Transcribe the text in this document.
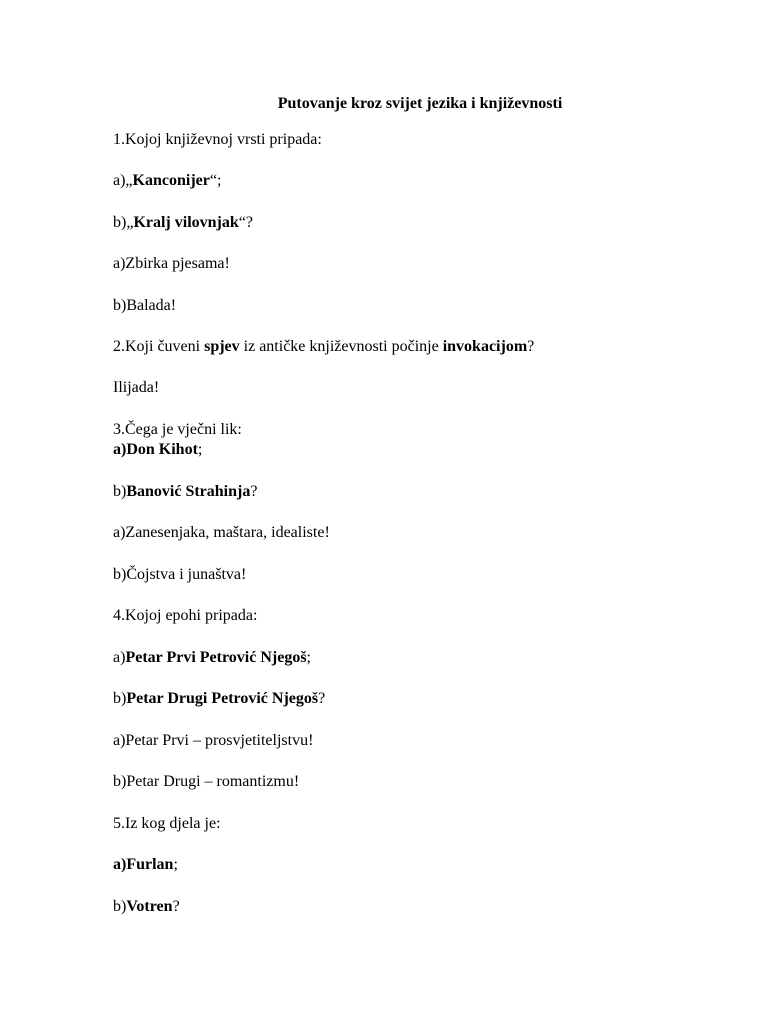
Putovanje kroz svijet jezika i književnosti
1.Kojoj književnoj vrsti pripada:
a)„Kanconijer“;
b)„Kralj vilovnjak“?
a)Zbirka pjesama!
b)Balada!
2.Koji čuveni spjev iz antičke književnosti počinje invokacijom?
Ilijada!
3.Čega je vječni lik:
a)Don Kihot;
b)Banović Strahinja?
a)Zanesenjaka, maštara, idealiste!
b)Čojstva i junaštva!
4.Kojoj epohi pripada:
a)Petar Prvi Petrović Njegoš;
b)Petar Drugi Petrović Njegoš?
a)Petar Prvi – prosvjetiteljstvu!
b)Petar Drugi – romantizmu!
5.Iz kog djela je:
a)Furlan;
b)Votren?
